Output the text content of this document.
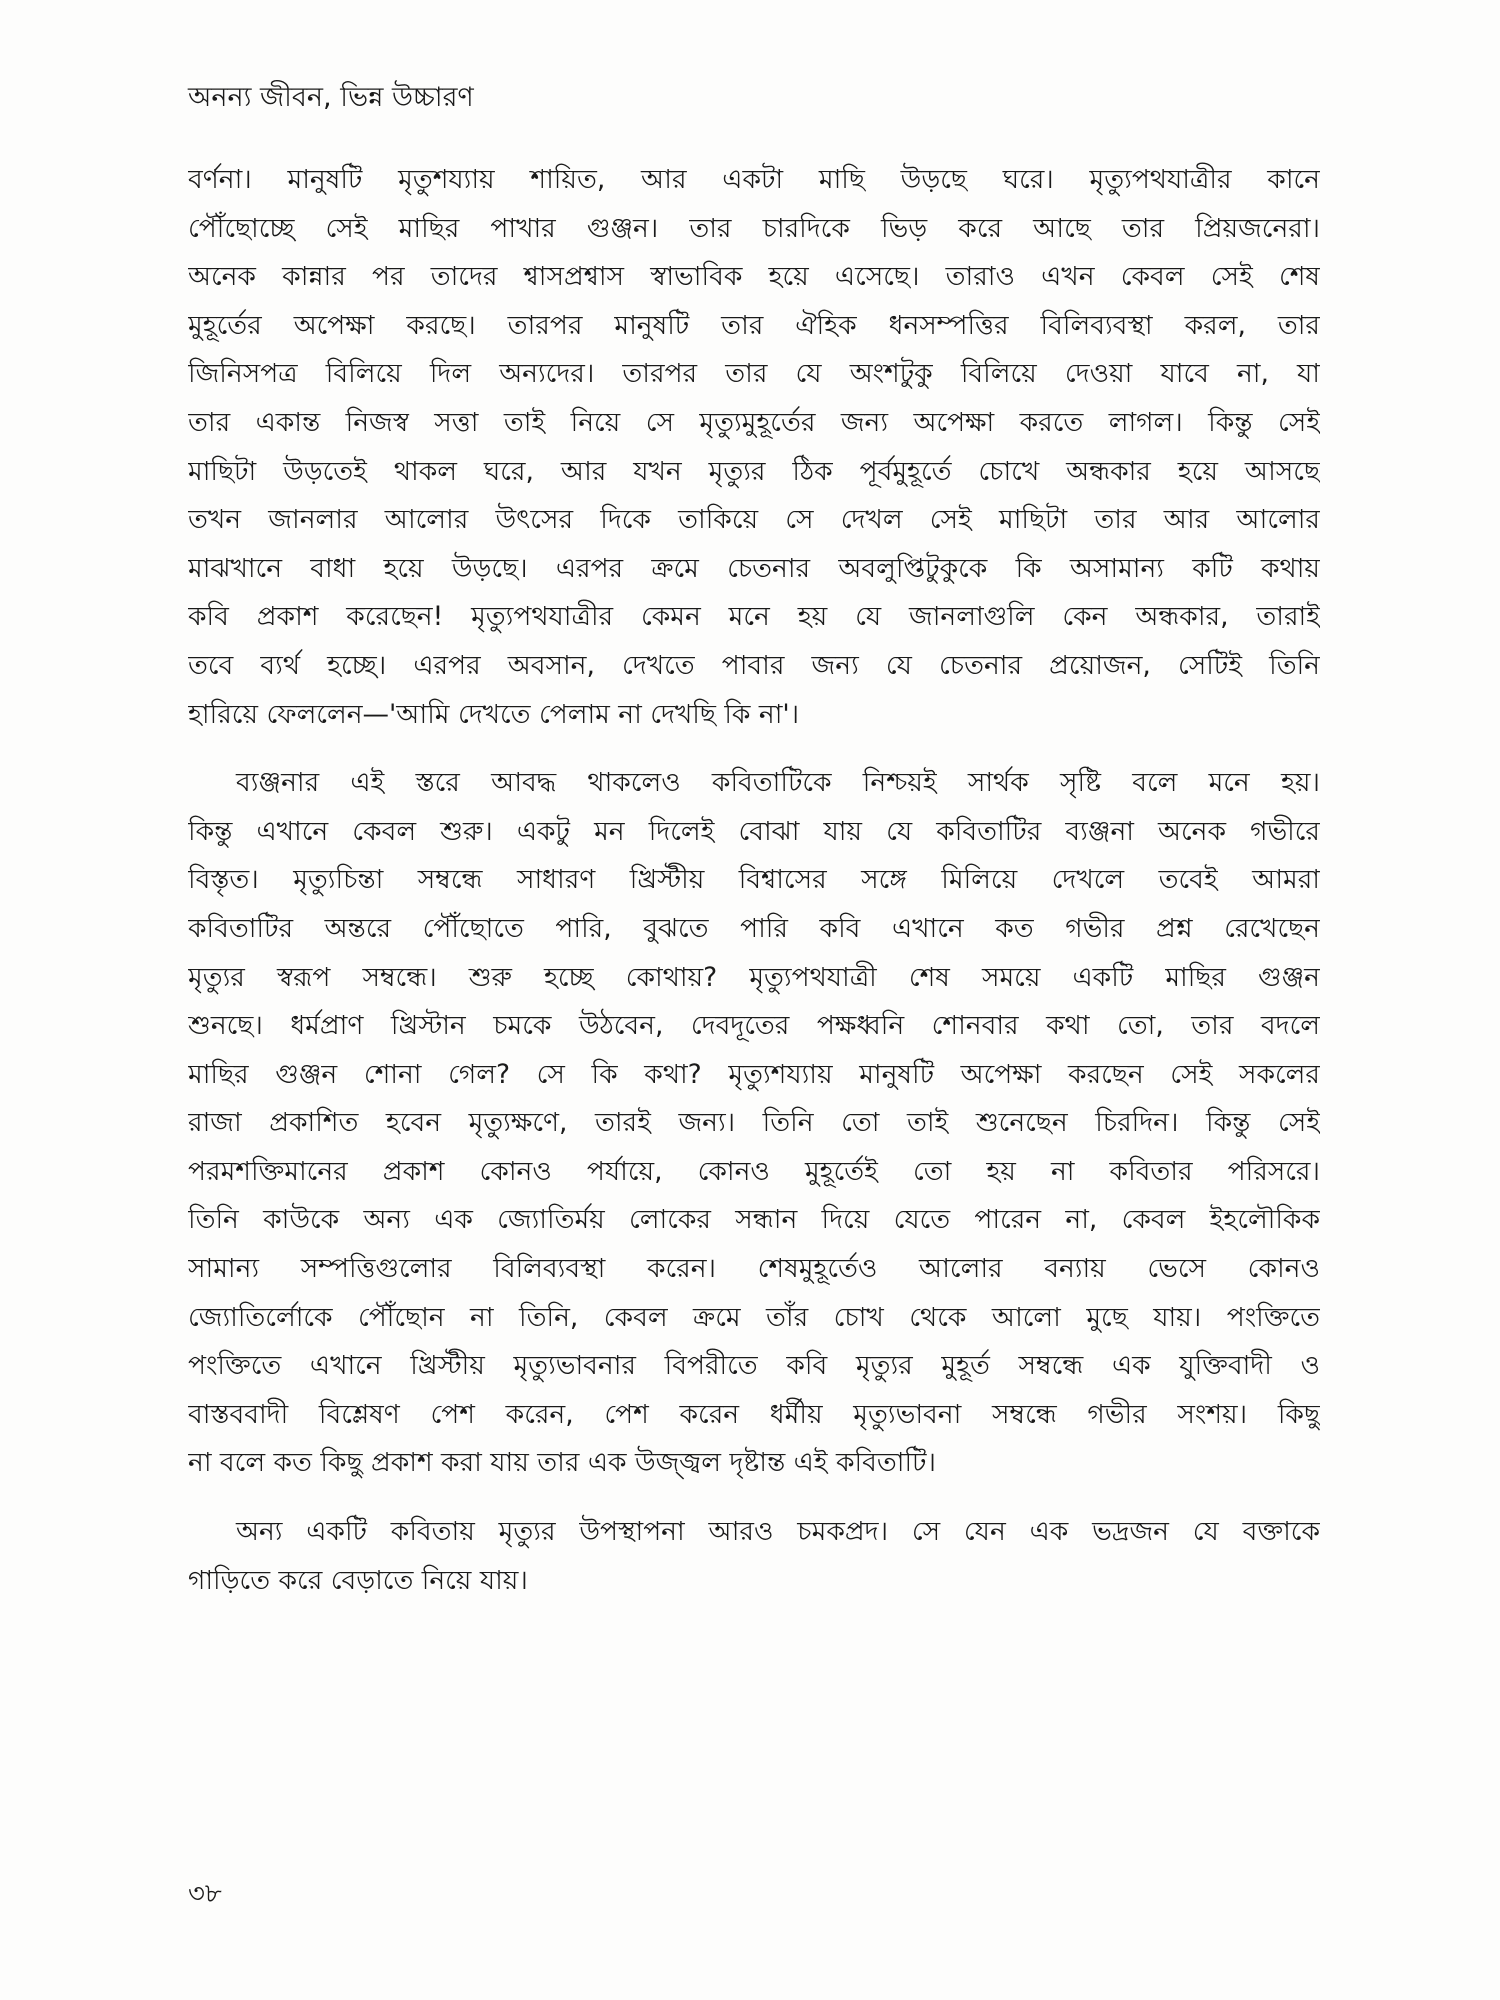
অনন্য জীবন, ভিন্ন উচ্চারণ
বর্ণনা। মানুষটি মৃতুশয্যায় শায়িত, আর একটা মাছি উড়ছে ঘরে। মৃত্যুপথযাত্রীর কানে
পৌঁছোচ্ছে সেই মাছির পাখার গুঞ্জন। তার চারদিকে ভিড় করে আছে তার প্রিয়জনেরা।
অনেক কান্নার পর তাদের শ্বাসপ্রশ্বাস স্বাভাবিক হয়ে এসেছে। তারাও এখন কেবল সেই শেষ
মুহূর্তের অপেক্ষা করছে। তারপর মানুষটি তার ঐহিক ধনসম্পত্তির বিলিব্যবস্থা করল, তার
জিনিসপত্র বিলিয়ে দিল অন্যদের। তারপর তার যে অংশটুকু বিলিয়ে দেওয়া যাবে না, যা
তার একান্ত নিজস্ব সত্তা তাই নিয়ে সে মৃত্যুমুহূর্তের জন্য অপেক্ষা করতে লাগল। কিন্তু সেই
মাছিটা উড়তেই থাকল ঘরে, আর যখন মৃত্যুর ঠিক পূর্বমুহূর্তে চোখে অন্ধকার হয়ে আসছে
তখন জানলার আলোর উৎসের দিকে তাকিয়ে সে দেখল সেই মাছিটা তার আর আলোর
মাঝখানে বাধা হয়ে উড়ছে। এরপর ক্রমে চেতনার অবলুপ্তিটুকুকে কি অসামান্য কটি কথায়
কবি প্রকাশ করেছেন! মৃত্যুপথযাত্রীর কেমন মনে হয় যে জানলাগুলি কেন অন্ধকার, তারাই
তবে ব্যর্থ হচ্ছে। এরপর অবসান, দেখতে পাবার জন্য যে চেতনার প্রয়োজন, সেটিই তিনি
হারিয়ে ফেললেন—'আমি দেখতে পেলাম না দেখছি কি না'।
ব্যঞ্জনার এই স্তরে আবদ্ধ থাকলেও কবিতাটিকে নিশ্চয়ই সার্থক সৃষ্টি বলে মনে হয়।
কিন্তু এখানে কেবল শুরু। একটু মন দিলেই বোঝা যায় যে কবিতাটির ব্যঞ্জনা অনেক গভীরে
বিস্তৃত। মৃত্যুচিন্তা সম্বন্ধে সাধারণ খ্রিস্টীয় বিশ্বাসের সঙ্গে মিলিয়ে দেখলে তবেই আমরা
কবিতাটির অন্তরে পৌঁছোতে পারি, বুঝতে পারি কবি এখানে কত গভীর প্রশ্ন রেখেছেন
মৃত্যুর স্বরূপ সম্বন্ধে। শুরু হচ্ছে কোথায়? মৃত্যুপথযাত্রী শেষ সময়ে একটি মাছির গুঞ্জন
শুনছে। ধর্মপ্রাণ খ্রিস্টান চমকে উঠবেন, দেবদূতের পক্ষধ্বনি শোনবার কথা তো, তার বদলে
মাছির গুঞ্জন শোনা গেল? সে কি কথা? মৃত্যুশয্যায় মানুষটি অপেক্ষা করছেন সেই সকলের
রাজা প্রকাশিত হবেন মৃত্যুক্ষণে, তারই জন্য। তিনি তো তাই শুনেছেন চিরদিন। কিন্তু সেই
পরমশক্তিমানের প্রকাশ কোনও পর্যায়ে, কোনও মুহূর্তেই তো হয় না কবিতার পরিসরে।
তিনি কাউকে অন্য এক জ্যোতির্ময় লোকের সন্ধান দিয়ে যেতে পারেন না, কেবল ইহলৌকিক
সামান্য সম্পত্তিগুলোর বিলিব্যবস্থা করেন। শেষমুহূর্তেও আলোর বন্যায় ভেসে কোনও
জ্যোতির্লোকে পৌঁছোন না তিনি, কেবল ক্রমে তাঁর চোখ থেকে আলো মুছে যায়। পংক্তিতে
পংক্তিতে এখানে খ্রিস্টীয় মৃত্যুভাবনার বিপরীতে কবি মৃত্যুর মুহূর্ত সম্বন্ধে এক যুক্তিবাদী ও
বাস্তববাদী বিশ্লেষণ পেশ করেন, পেশ করেন ধর্মীয় মৃত্যুভাবনা সম্বন্ধে গভীর সংশয়। কিছু
না বলে কত কিছু প্রকাশ করা যায় তার এক উজ্জ্বল দৃষ্টান্ত এই কবিতাটি।
অন্য একটি কবিতায় মৃত্যুর উপস্থাপনা আরও চমকপ্রদ। সে যেন এক ভদ্রজন যে বক্তাকে
গাড়িতে করে বেড়াতে নিয়ে যায়।
৩৮
